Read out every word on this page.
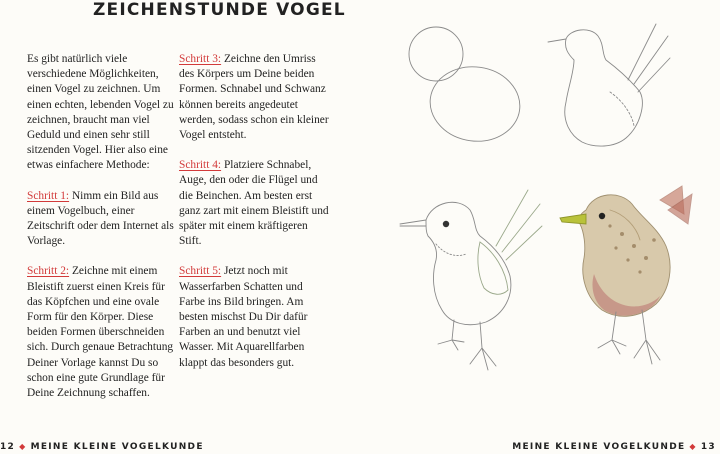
ZEICHENSTUNDE VOGEL

Es gibt natürlich viele verschiedene Möglichkeiten, einen Vogel zu zeichnen. Um einen echten, lebenden Vogel zu zeichnen, braucht man viel Geduld und einen sehr still sitzenden Vogel. Hier also eine etwas einfachere Methode:

Schritt 1: Nimm ein Bild aus einem Vogelbuch, einer Zeitschrift oder dem Internet als Vorlage.

Schritt 2: Zeichne mit einem Bleistift zuerst einen Kreis für das Köpfchen und eine ovale Form für den Körper. Diese beiden Formen überschneiden sich. Durch genaue Betrachtung Deiner Vorlage kannst Du so schon eine gute Grundlage für Deine Zeichnung schaffen.

Schritt 3: Zeichne den Umriss des Körpers um Deine beiden Formen. Schnabel und Schwanz können bereits angedeutet werden, sodass schon ein kleiner Vogel entsteht.

Schritt 4: Platziere Schnabel, Auge, den oder die Flügel und die Beinchen. Am besten erst ganz zart mit einem Bleistift und später mit einem kräftigeren Stift.

Schritt 5: Jetzt noch mit Wasserfarben Schatten und Farbe ins Bild bringen. Am besten mischst Du Dir dafür Farben an und benutzt viel Wasser. Mit Aquarellfarben klappt das besonders gut.

12 ◆ MEINE KLEINE VOGELKUNDE	MEINE KLEINE VOGELKUNDE ◆ 13
